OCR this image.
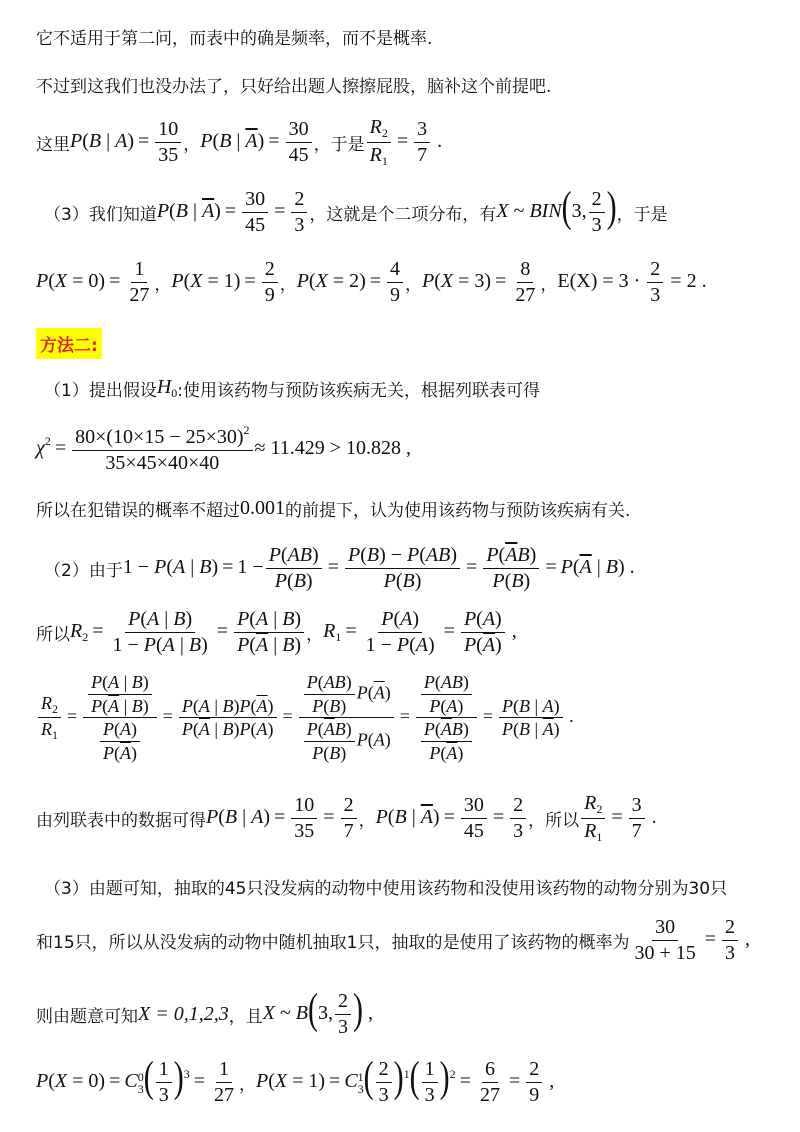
它不适用于第二问，而表中的确是频率，而不是概率.
不过到这我们也没办法了，只好给出题人擦擦屁股，脑补这个前提吧.
这里 P(B | $A) = \frac{10}{35}$ ， P(B | $\overline{A}) = \frac{30}{45}$ ，于是 $\frac{R_2}{R_1} = \frac{3}{7}$ .
（3）我们知道 P(B | $\overline{A}) = \frac{30}{45} = \frac{2}{3}$ ，这就是个二项分布，有 X ~ BIN(3, $\frac{2}{3}$ ) ，于是
$P(X = 0) = \frac{1}{27}$ ， $P(X = 1) = \frac{2}{9}$ ， $P(X = 2) = \frac{4}{9}$ ， $P(X = 3) = \frac{8}{27}$ ， $E(X) = 3 \cdot \frac{2}{3} = 2$ .
方法二:
（1）提出假设 $H_0$ :使用该药物与预防该疾病无关，根据列联表可得
$\chi^2 = \frac{80\times(10\times 15 - 25\times 30)^2}{35\times 45\times 40\times 40} \approx 11.429 > 10.828$ ,
所以在犯错误的概率不超过 0.001 的前提下，认为使用该药物与预防该疾病有关.
（2）由于 1 − P(A | $B) = 1 - \frac{P(AB)}{P(B)} = \frac{P(B) - P(AB)}{P(B)} = \frac{P(\overline{A}B)}{P(B)} = P(\overline{A}$ | B) .
所以 $R_2 = \frac{P(A | B)}{1 - P(A | B)} = \frac{P(A | B)}{P(\overline{A} | B)}$ ， $R_1 = \frac{P(A)}{1 - P(A)} = \frac{P(A)}{P(\overline{A})}$ ,
$\frac{R_2}{R_1} = \frac{\frac{P(A | B)}{P(\overline{A} | B)}}{\frac{P(A)}{P(\overline{A})}} = \frac{P(A | B)P(\overline{A})}{P(\overline{A} | B)P(A)} = \frac{\frac{P(AB)}{P(B)} P(\overline{A})}{\frac{P(\overline{A}B)}{P(B)} P(A)} = \frac{\frac{P(AB)}{P(A)}}{\frac{P(\overline{A}B)}{P(\overline{A})}} = \frac{P(B | A)}{P(B | \overline{A})}$ .
由列联表中的数据可得 P(B | $A) = \frac{10}{35} = \frac{2}{7}$ ， P(B | $\overline{A}) = \frac{30}{45} = \frac{2}{3}$ ，所以 $\frac{R_2}{R_1} = \frac{3}{7}$ .
（3）由题可知，抽取的45只没发病的动物中使用该药物和没使用该药物的动物分别为30只
和15只，所以从没发病的动物中随机抽取1只，抽取的是使用了该药物的概率为 $\frac{30}{30 + 15} = \frac{2}{3}$ ,
则由题意可知 X = 0,1,2,3 ，且 X ~ B(3, $\frac{2}{3}$ ) ,
P(X = 0) = C 0
3 ( $\frac{1}{3} )^3 = \frac{1}{27}$ ， P(X = 1) = C 1
3 ( $\frac{2}{3} )^1( \frac{1}{3} )^2 = \frac{6}{27} = \frac{2}{9}$ ,
